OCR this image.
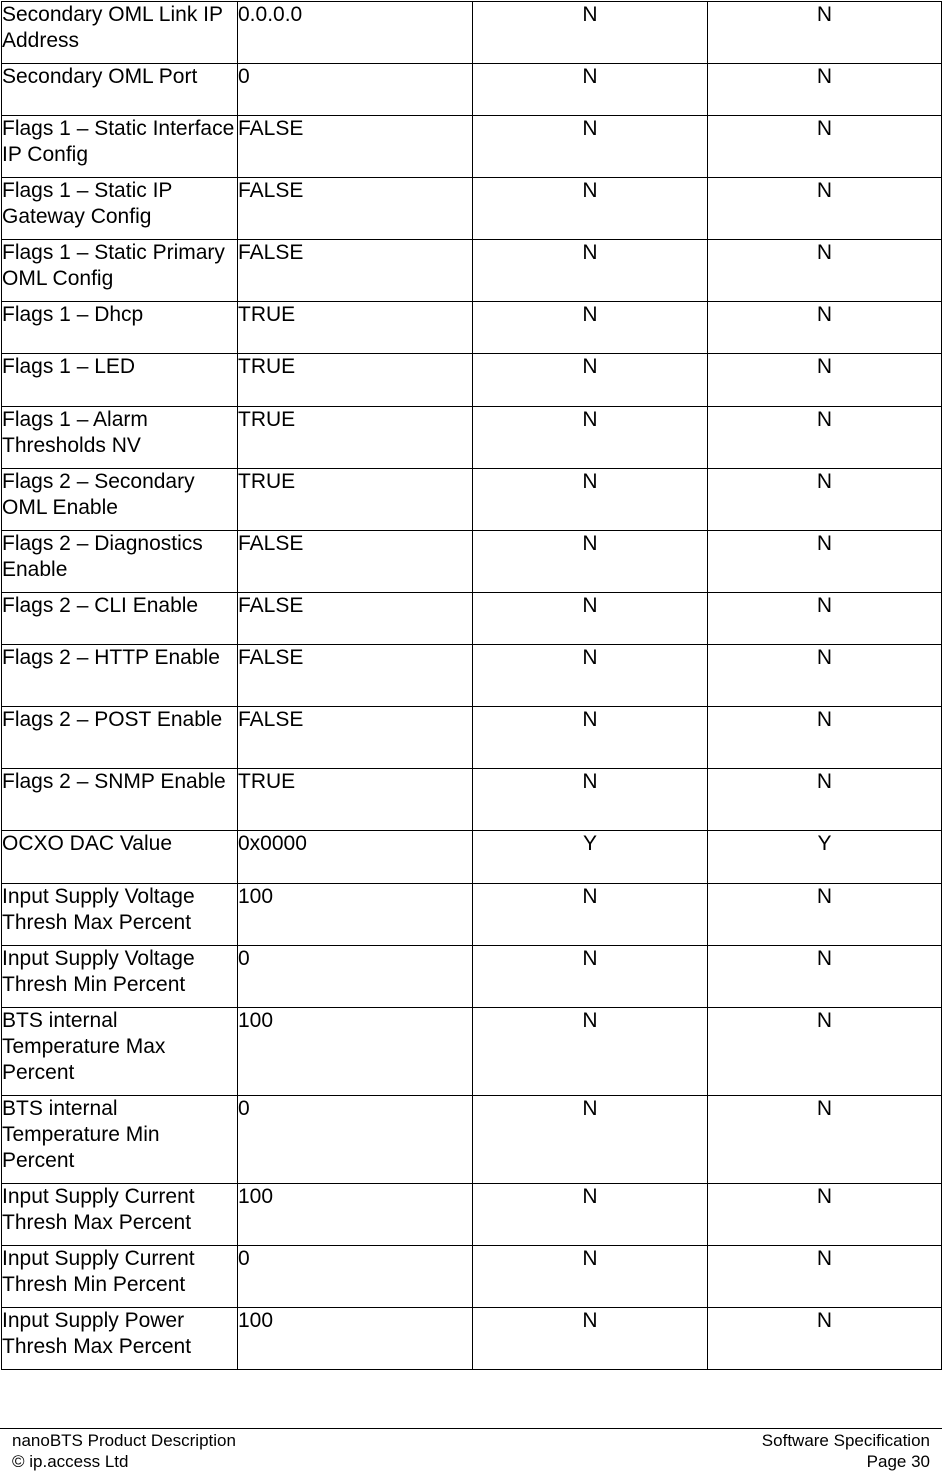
Secondary OML Link IP Address	0.0.0.0	N	N
Secondary OML Port	0	N	N
Flags 1 – Static Interface IP Config	FALSE	N	N
Flags 1 – Static IP Gateway Config	FALSE	N	N
Flags 1 – Static Primary OML Config	FALSE	N	N
Flags 1 – Dhcp	TRUE	N	N
Flags 1 – LED	TRUE	N	N
Flags 1 – Alarm Thresholds NV	TRUE	N	N
Flags 2 – Secondary OML Enable	TRUE	N	N
Flags 2 – Diagnostics Enable	FALSE	N	N
Flags 2 – CLI Enable	FALSE	N	N
Flags 2 – HTTP Enable	FALSE	N	N
Flags 2 – POST Enable	FALSE	N	N
Flags 2 – SNMP Enable	TRUE	N	N
OCXO DAC Value	0x0000	Y	Y
Input Supply Voltage Thresh Max Percent	100	N	N
Input Supply Voltage Thresh Min Percent	0	N	N
BTS internal Temperature Max Percent	100	N	N
BTS internal Temperature Min Percent	0	N	N
Input Supply Current Thresh Max Percent	100	N	N
Input Supply Current Thresh Min Percent	0	N	N
Input Supply Power Thresh Max Percent	100	N	N
nanoBTS Product Description	Software Specification
© ip.access Ltd	Page 30
